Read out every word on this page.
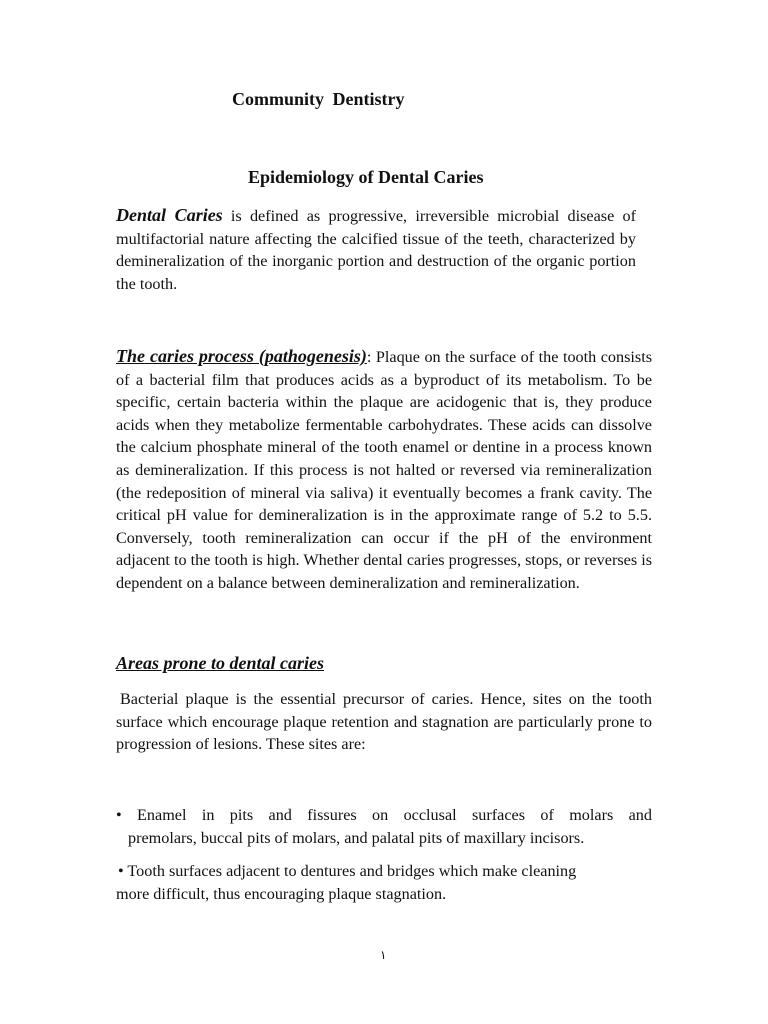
Community Dentistry
Epidemiology of Dental Caries

Dental Caries is defined as progressive, irreversible microbial disease of multifactorial nature affecting the calcified tissue of the teeth, characterized by demineralization of the inorganic portion and destruction of the organic portion the tooth.

The caries process (pathogenesis): Plaque on the surface of the tooth consists of a bacterial film that produces acids as a byproduct of its metabolism. To be specific, certain bacteria within the plaque are acidogenic that is, they produce acids when they metabolize fermentable carbohydrates. These acids can dissolve the calcium phosphate mineral of the tooth enamel or dentine in a process known as demineralization. If this process is not halted or reversed via remineralization (the redeposition of mineral via saliva) it eventually becomes a frank cavity. The critical pH value for demineralization is in the approximate range of 5.2 to 5.5. Conversely, tooth remineralization can occur if the pH of the environment adjacent to the tooth is high. Whether dental caries progresses, stops, or reverses is dependent on a balance between demineralization and remineralization.

Areas prone to dental caries

Bacterial plaque is the essential precursor of caries. Hence, sites on the tooth surface which encourage plaque retention and stagnation are particularly prone to progression of lesions. These sites are:

• Enamel in pits and fissures on occlusal surfaces of molars and
premolars, buccal pits of molars, and palatal pits of maxillary incisors.
• Tooth surfaces adjacent to dentures and bridges which make cleaning
more difficult, thus encouraging plaque stagnation.
١
